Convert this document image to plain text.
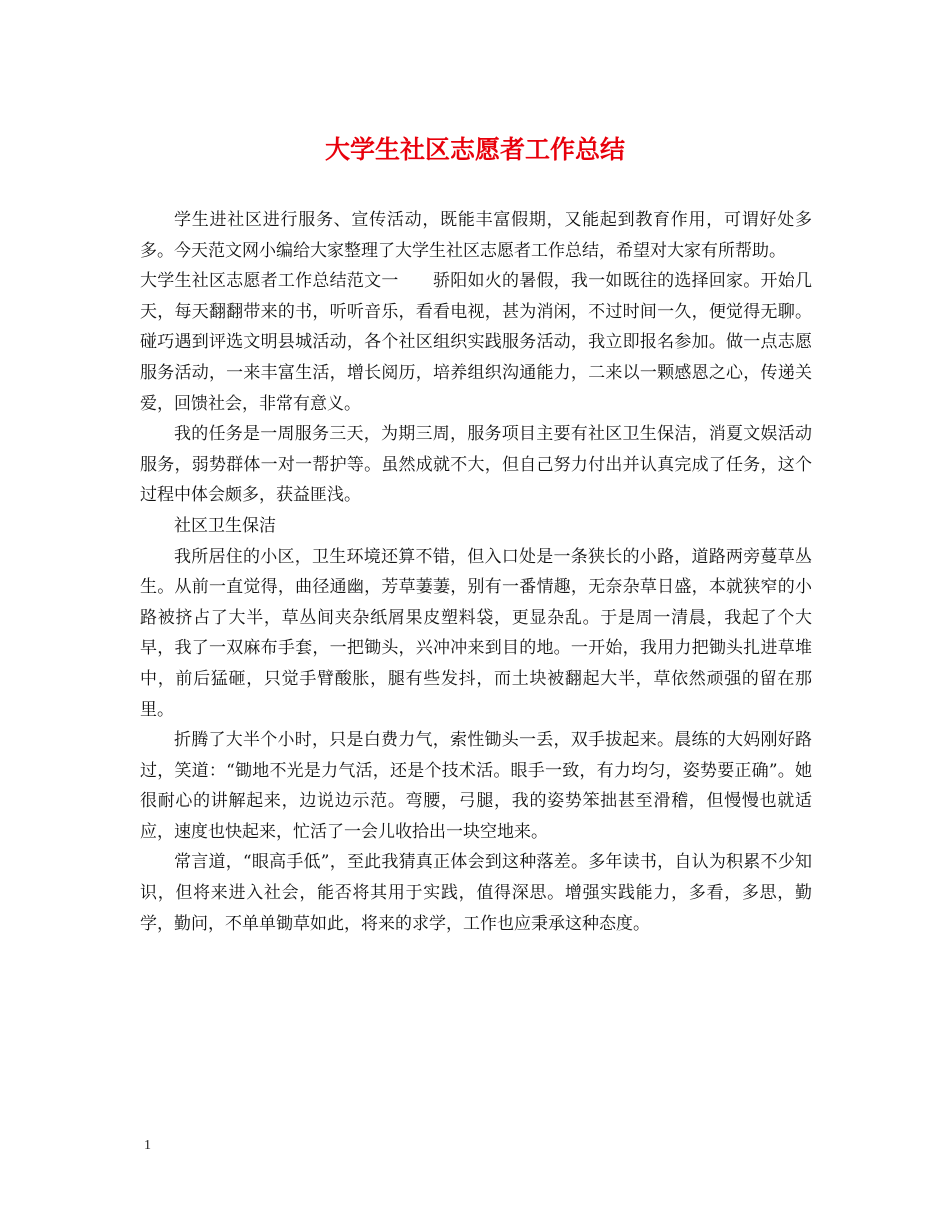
大学生社区志愿者工作总结

学生进社区进行服务、宣传活动，既能丰富假期，又能起到教育作用，可谓好处多多。今天范文网小编给大家整理了大学生社区志愿者工作总结，希望对大家有所帮助。

大学生社区志愿者工作总结范文一　　骄阳如火的暑假，我一如既往的选择回家。开始几天，每天翻翻带来的书，听听音乐，看看电视，甚为消闲，不过时间一久，便觉得无聊。碰巧遇到评选文明县城活动，各个社区组织实践服务活动，我立即报名参加。做一点志愿服务活动，一来丰富生活，增长阅历，培养组织沟通能力，二来以一颗感恩之心，传递关爱，回馈社会，非常有意义。

我的任务是一周服务三天，为期三周，服务项目主要有社区卫生保洁，消夏文娱活动服务，弱势群体一对一帮护等。虽然成就不大，但自己努力付出并认真完成了任务，这个过程中体会颇多，获益匪浅。

社区卫生保洁

我所居住的小区，卫生环境还算不错，但入口处是一条狭长的小路，道路两旁蔓草丛生。从前一直觉得，曲径通幽，芳草萋萋，别有一番情趣，无奈杂草日盛，本就狭窄的小路被挤占了大半，草丛间夹杂纸屑果皮塑料袋，更显杂乱。于是周一清晨，我起了个大早，我了一双麻布手套，一把锄头，兴冲冲来到目的地。一开始，我用力把锄头扎进草堆中，前后猛砸，只觉手臂酸胀，腿有些发抖，而土块被翻起大半，草依然顽强的留在那里。

折腾了大半个小时，只是白费力气，索性锄头一丢，双手拔起来。晨练的大妈刚好路过，笑道：“锄地不光是力气活，还是个技术活。眼手一致，有力均匀，姿势要正确”。她很耐心的讲解起来，边说边示范。弯腰，弓腿，我的姿势笨拙甚至滑稽，但慢慢也就适应，速度也快起来，忙活了一会儿收拾出一块空地来。

常言道，“眼高手低”，至此我猜真正体会到这种落差。多年读书，自认为积累不少知识，但将来进入社会，能否将其用于实践，值得深思。增强实践能力，多看，多思，勤学，勤问，不单单锄草如此，将来的求学，工作也应秉承这种态度。

1
